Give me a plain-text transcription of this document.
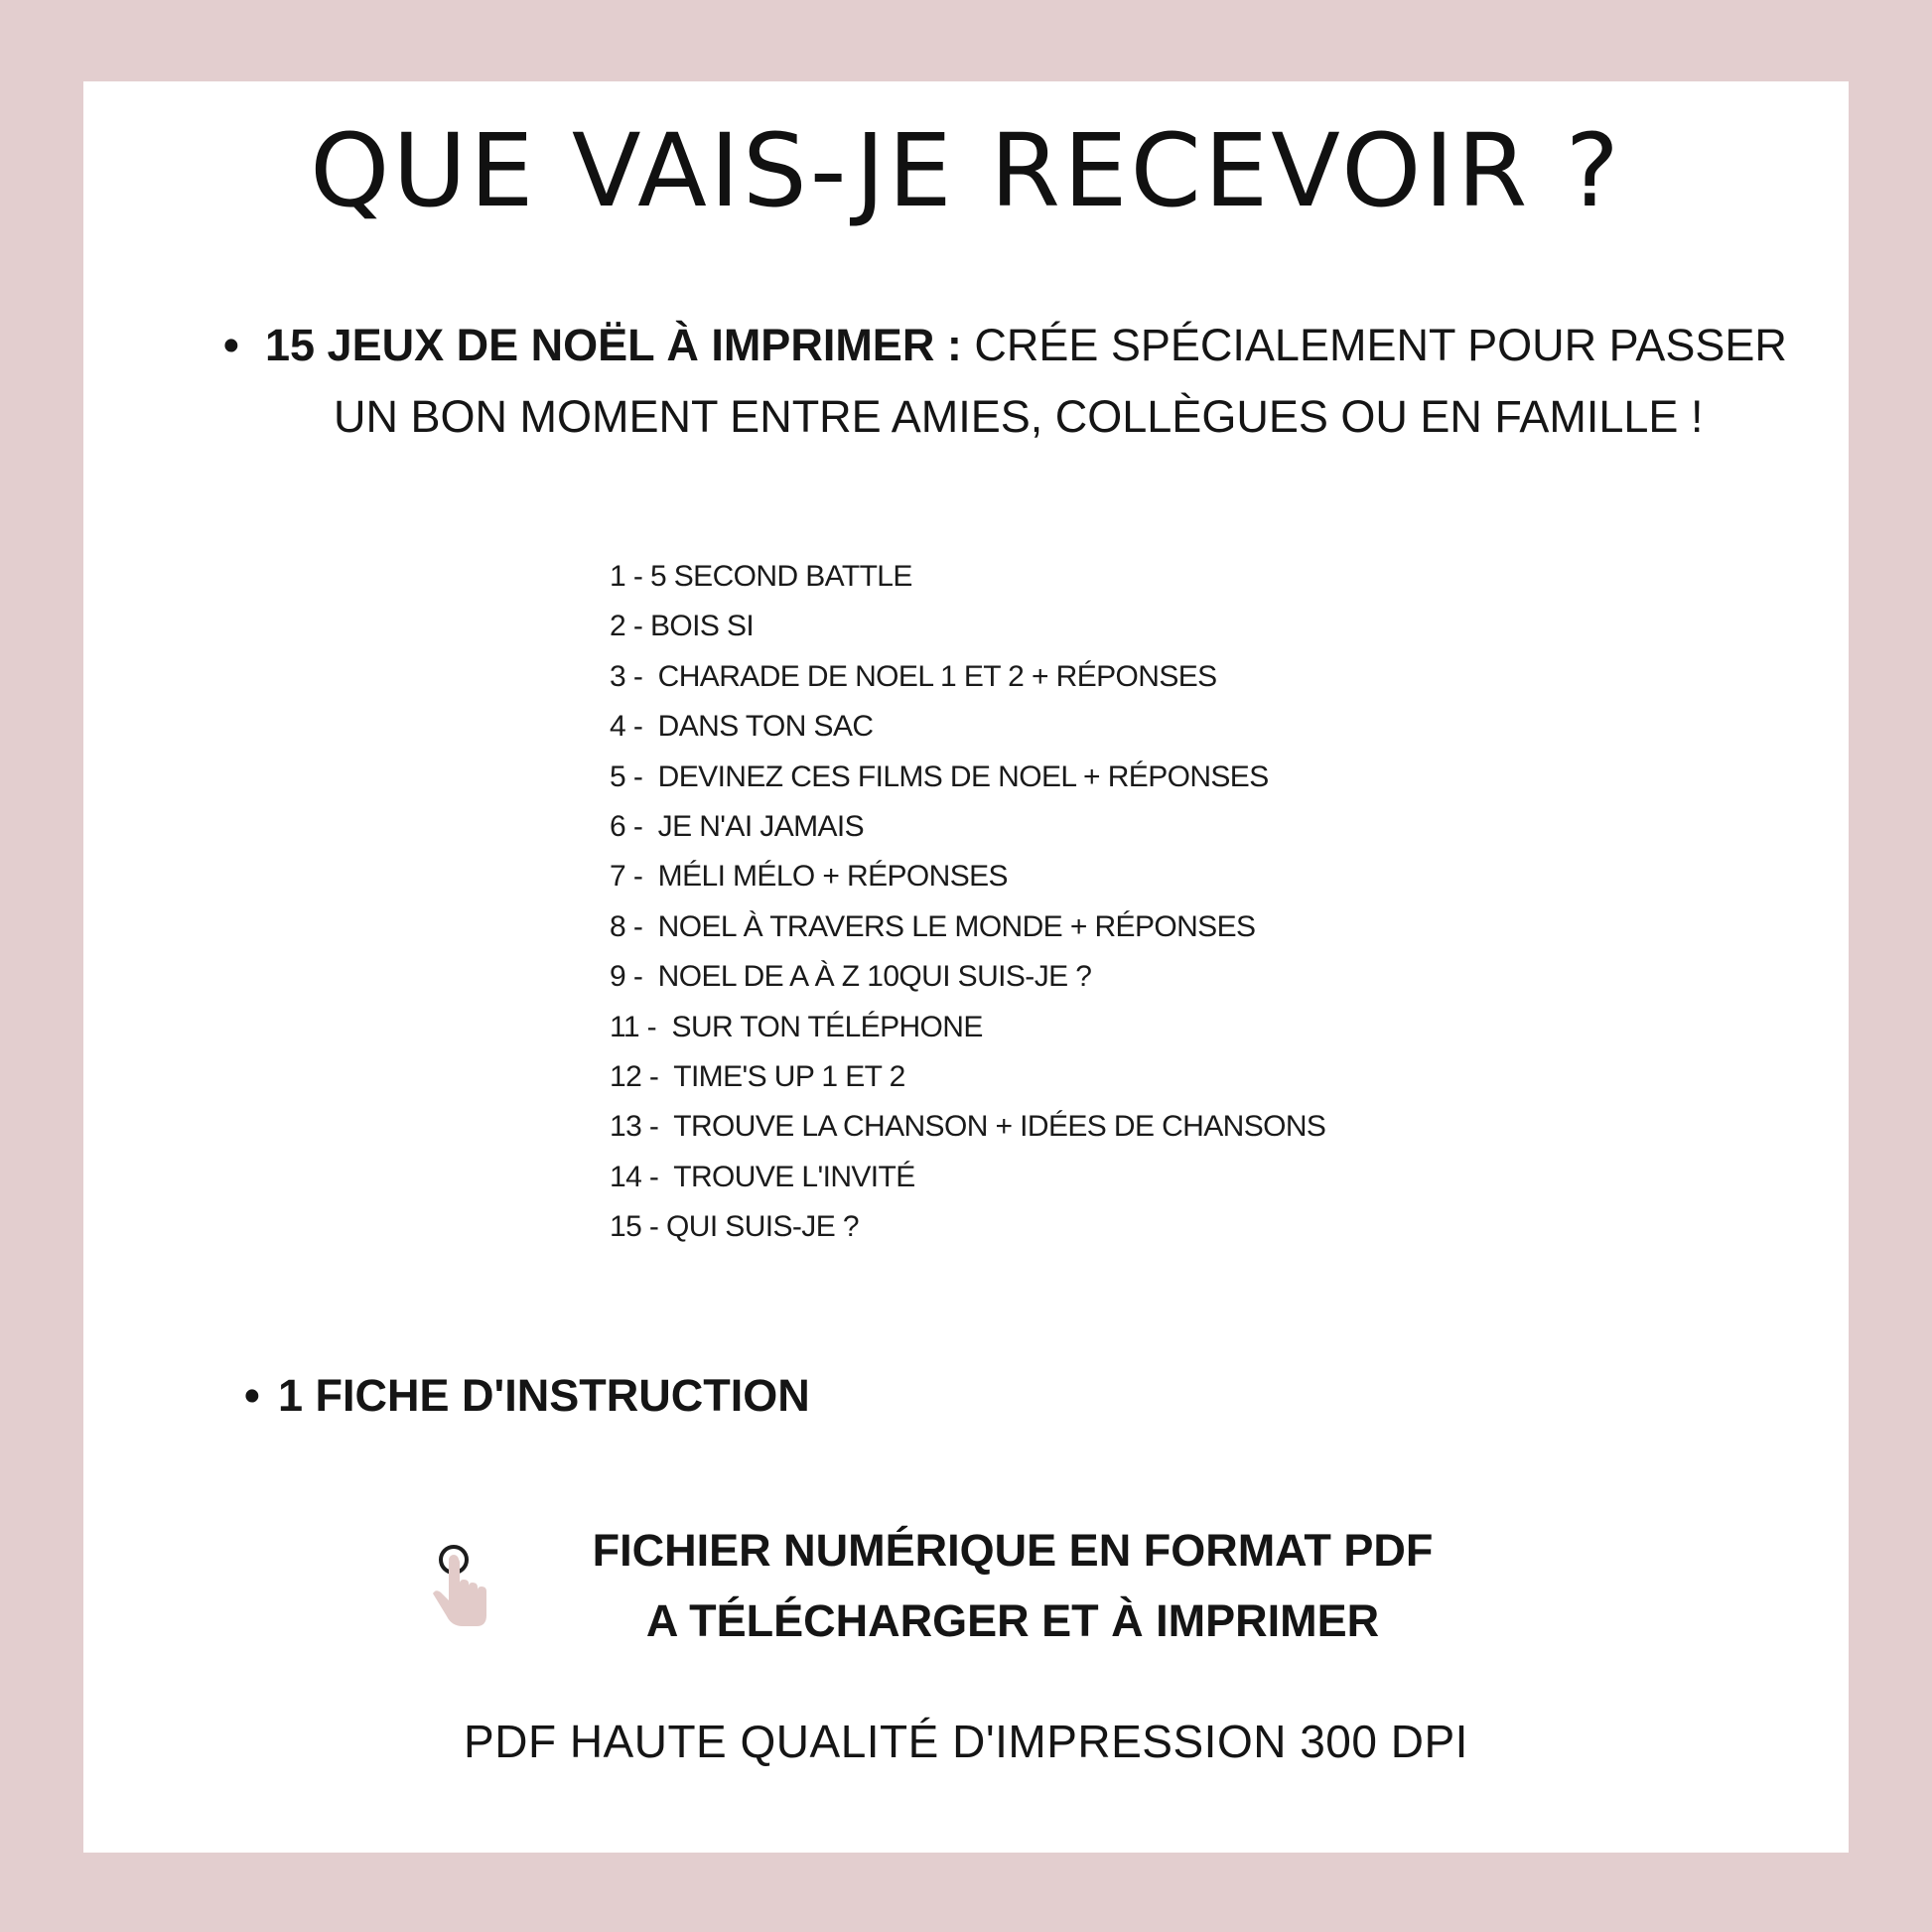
QUE VAIS-JE RECEVOIR ?
• 15 JEUX DE NOËL À IMPRIMER : CRÉE SPÉCIALEMENT POUR PASSER
UN BON MOMENT ENTRE AMIES, COLLÈGUES OU EN FAMILLE !
1 - 5 SECOND BATTLE
2 - BOIS SI
3 -  CHARADE DE NOEL 1 ET 2 + RÉPONSES
4 -  DANS TON SAC
5 -  DEVINEZ CES FILMS DE NOEL + RÉPONSES
6 -  JE N'AI JAMAIS
7 -  MÉLI MÉLO + RÉPONSES
8 -  NOEL À TRAVERS LE MONDE + RÉPONSES
9 -  NOEL DE A À Z 10QUI SUIS-JE ?
11 -  SUR TON TÉLÉPHONE
12 -  TIME'S UP 1 ET 2
13 -  TROUVE LA CHANSON + IDÉES DE CHANSONS
14 -  TROUVE L'INVITÉ
15 - QUI SUIS-JE ?
• 1 FICHE D'INSTRUCTION
FICHIER NUMÉRIQUE EN FORMAT PDF
A TÉLÉCHARGER ET À IMPRIMER
PDF HAUTE QUALITÉ D'IMPRESSION 300 DPI
